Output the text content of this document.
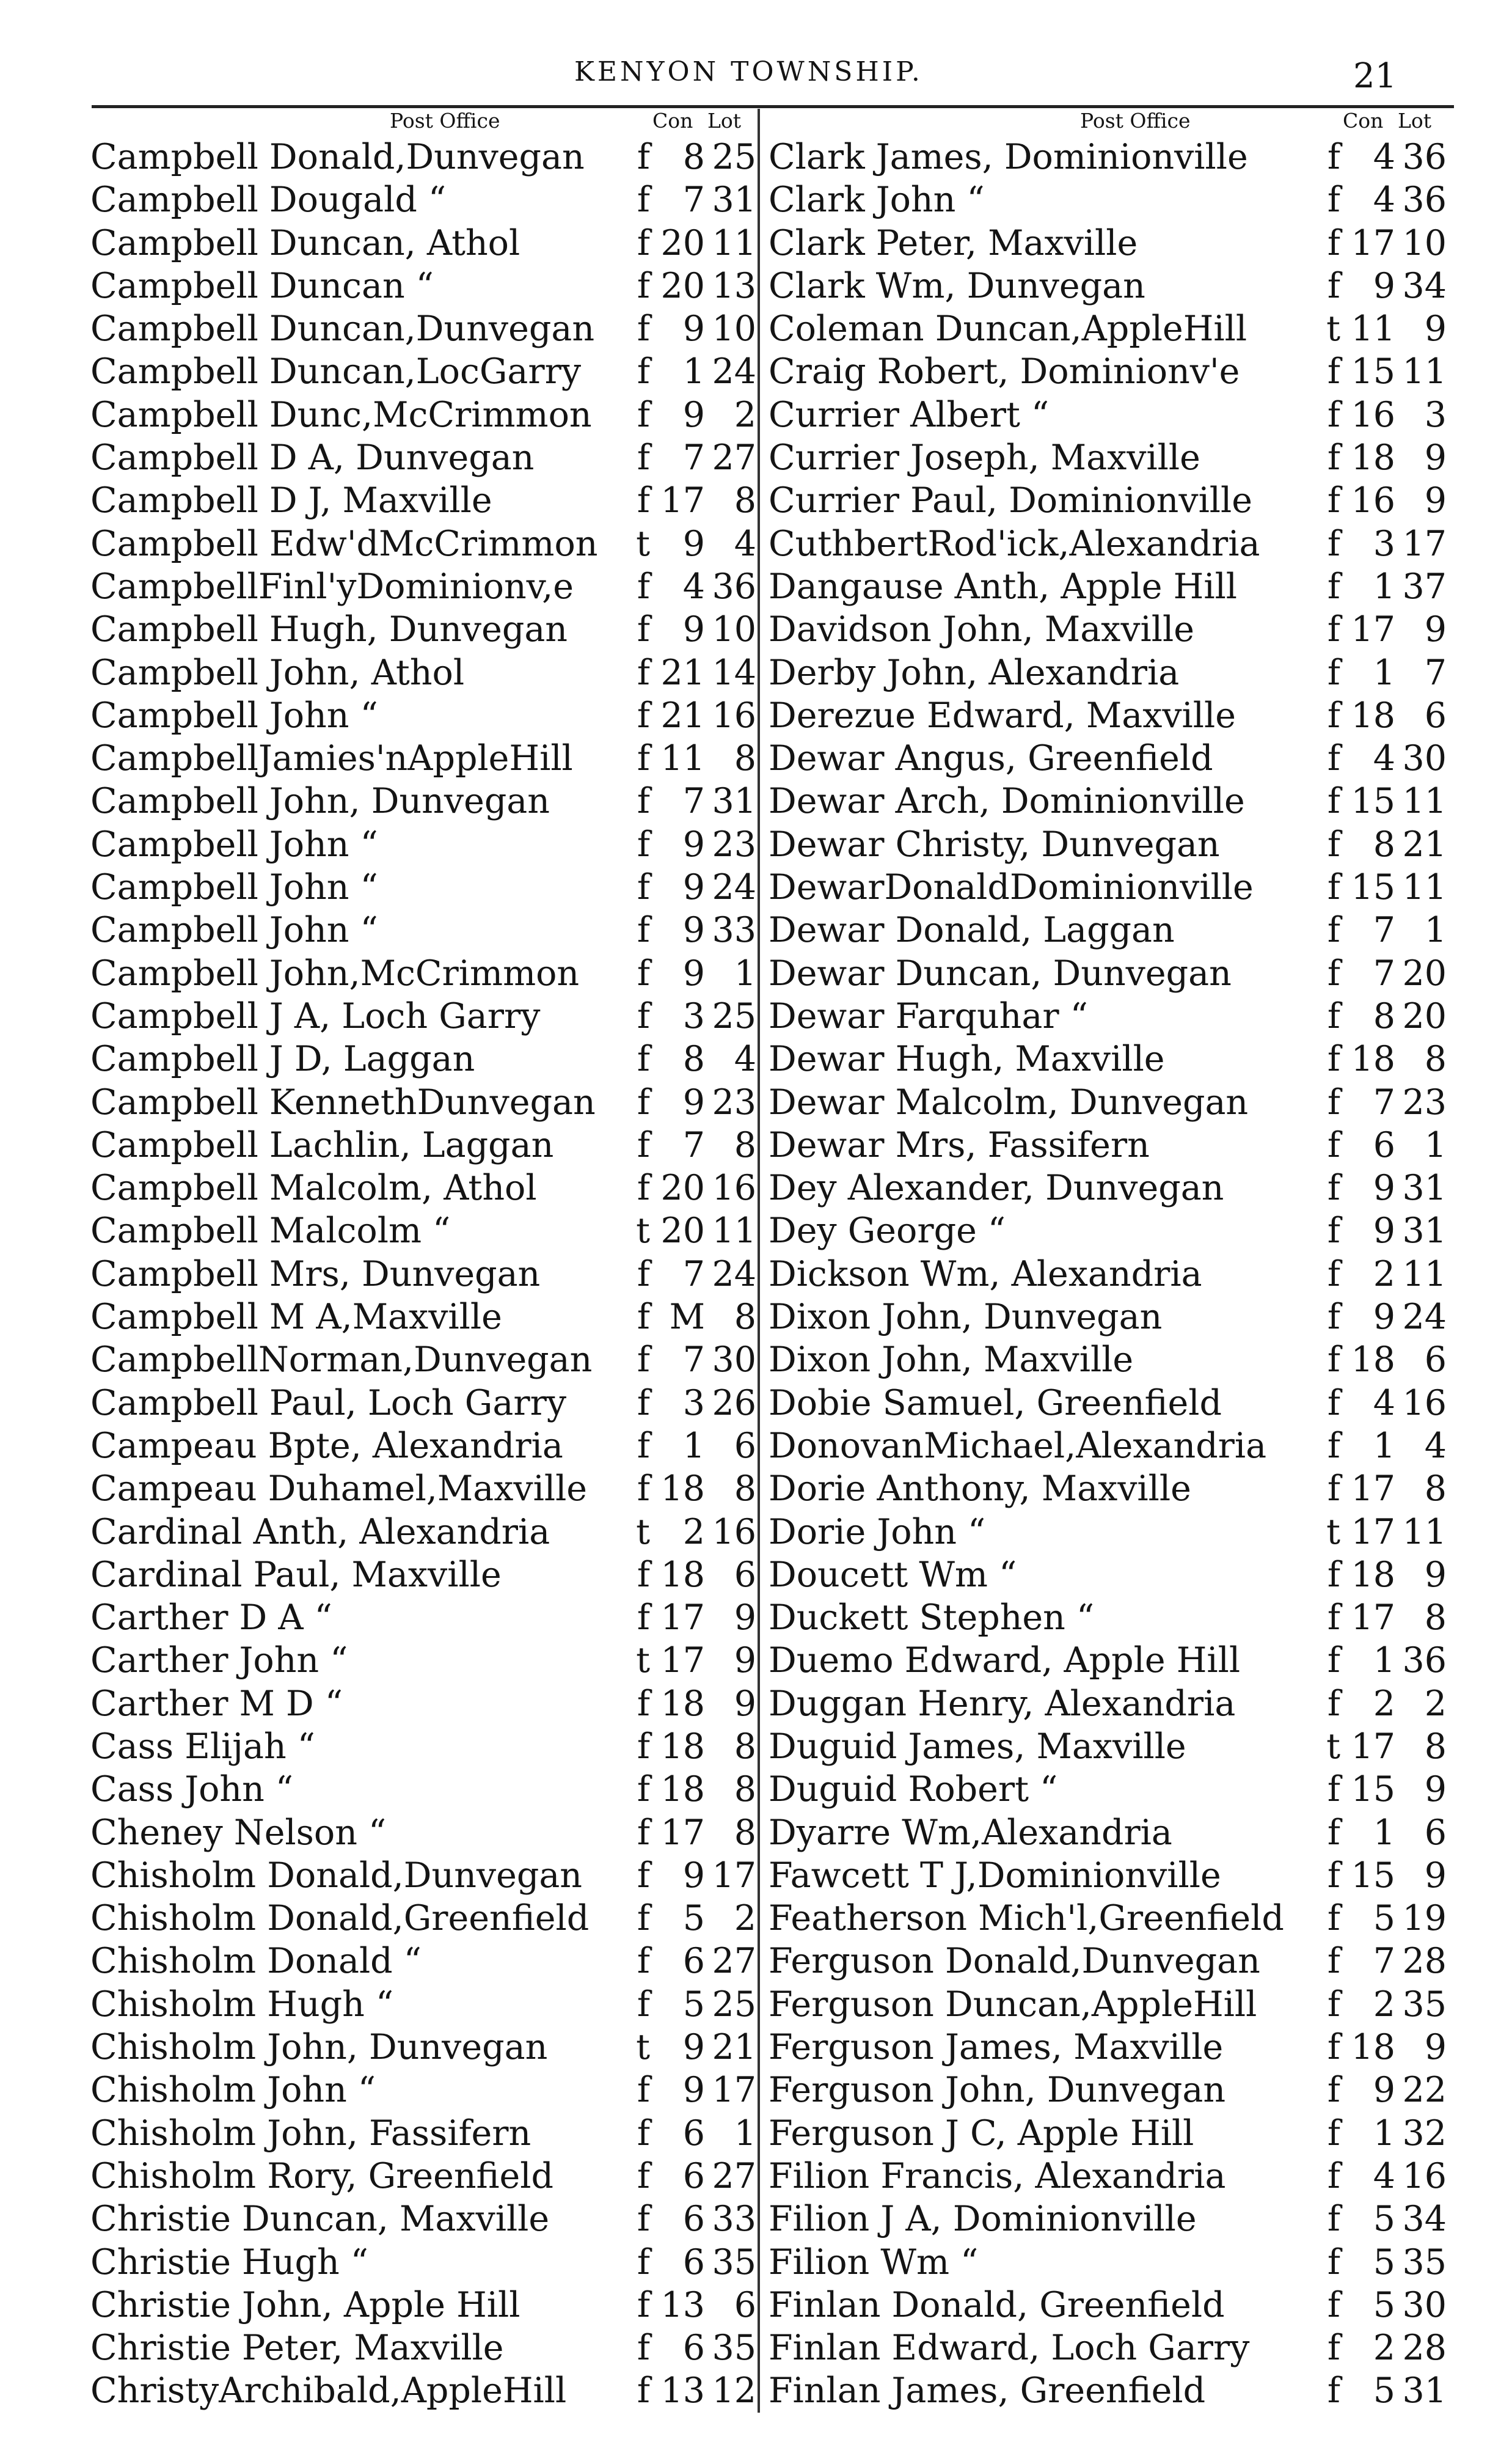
KENYON TOWNSHIP.	21
Post Office	Con Lot	Post Office	Con Lot
Campbell Donald,Dunvegan	f 8 25
Campbell Dougald “	f 7 31
Campbell Duncan, Athol	f 20 11
Campbell Duncan “	f 20 13
Campbell Duncan,Dunvegan	f 9 10
Campbell Duncan,LocGarry	f 1 24
Campbell Dunc,McCrimmon	f 9 2
Campbell D A, Dunvegan	f 7 27
Campbell D J, Maxville	f 17 8
Campbell Edw'dMcCrimmon	t 9 4
CampbellFinl'yDominionv,e	f 4 36
Campbell Hugh, Dunvegan	f 9 10
Campbell John, Athol	f 21 14
Campbell John “	f 21 16
CampbellJamies'nAppleHill	f 11 8
Campbell John, Dunvegan	f 7 31
Campbell John “	f 9 23
Campbell John “	f 9 24
Campbell John “	f 9 33
Campbell John,McCrimmon	f 9 1
Campbell J A, Loch Garry	f 3 25
Campbell J D, Laggan	f 8 4
Campbell KennethDunvegan	f 9 23
Campbell Lachlin, Laggan	f 7 8
Campbell Malcolm, Athol	f 20 16
Campbell Malcolm “	t 20 11
Campbell Mrs, Dunvegan	f 7 24
Campbell M A,Maxville	f M 8
CampbellNorman,Dunvegan	f 7 30
Campbell Paul, Loch Garry	f 3 26
Campeau Bpte, Alexandria	f 1 6
Campeau Duhamel,Maxville	f 18 8
Cardinal Anth, Alexandria	t 2 16
Cardinal Paul, Maxville	f 18 6
Carther D A “	f 17 9
Carther John “	t 17 9
Carther M D “	f 18 9
Cass Elijah “	f 18 8
Cass John “	f 18 8
Cheney Nelson “	f 17 8
Chisholm Donald,Dunvegan	f 9 17
Chisholm Donald,Greenfield	f 5 2
Chisholm Donald “	f 6 27
Chisholm Hugh “	f 5 25
Chisholm John, Dunvegan	t 9 21
Chisholm John “	f 9 17
Chisholm John, Fassifern	f 6 1
Chisholm Rory, Greenfield	f 6 27
Christie Duncan, Maxville	f 6 33
Christie Hugh “	f 6 35
Christie John, Apple Hill	f 13 6
Christie Peter, Maxville	f 6 35
ChristyArchibald,AppleHill	f 13 12
Clark James, Dominionville	f 4 36
Clark John “	f 4 36
Clark Peter, Maxville	f 17 10
Clark Wm, Dunvegan	f 9 34
Coleman Duncan,AppleHill	t 11 9
Craig Robert, Dominionv'e	f 15 11
Currier Albert “	f 16 3
Currier Joseph, Maxville	f 18 9
Currier Paul, Dominionville	f 16 9
CuthbertRod'ick,Alexandria	f 3 17
Dangause Anth, Apple Hill	f 1 37
Davidson John, Maxville	f 17 9
Derby John, Alexandria	f 1 7
Derezue Edward, Maxville	f 18 6
Dewar Angus, Greenfield	f 4 30
Dewar Arch, Dominionville	f 15 11
Dewar Christy, Dunvegan	f 8 21
DewarDonaldDominionville	f 15 11
Dewar Donald, Laggan	f 7 1
Dewar Duncan, Dunvegan	f 7 20
Dewar Farquhar “	f 8 20
Dewar Hugh, Maxville	f 18 8
Dewar Malcolm, Dunvegan	f 7 23
Dewar Mrs, Fassifern	f 6 1
Dey Alexander, Dunvegan	f 9 31
Dey George “	f 9 31
Dickson Wm, Alexandria	f 2 11
Dixon John, Dunvegan	f 9 24
Dixon John, Maxville	f 18 6
Dobie Samuel, Greenfield	f 4 16
DonovanMichael,Alexandria	f 1 4
Dorie Anthony, Maxville	f 17 8
Dorie John “	t 17 11
Doucett Wm “	f 18 9
Duckett Stephen “	f 17 8
Duemo Edward, Apple Hill	f 1 36
Duggan Henry, Alexandria	f 2 2
Duguid James, Maxville	t 17 8
Duguid Robert “	f 15 9
Dyarre Wm,Alexandria	f 1 6
Fawcett T J,Dominionville	f 15 9
Featherson Mich'l,Greenfield	f 5 19
Ferguson Donald,Dunvegan	f 7 28
Ferguson Duncan,AppleHill	f 2 35
Ferguson James, Maxville	f 18 9
Ferguson John, Dunvegan	f 9 22
Ferguson J C, Apple Hill	f 1 32
Filion Francis, Alexandria	f 4 16
Filion J A, Dominionville	f 5 34
Filion Wm “	f 5 35
Finlan Donald, Greenfield	f 5 30
Finlan Edward, Loch Garry	f 2 28
Finlan James, Greenfield	f 5 31
